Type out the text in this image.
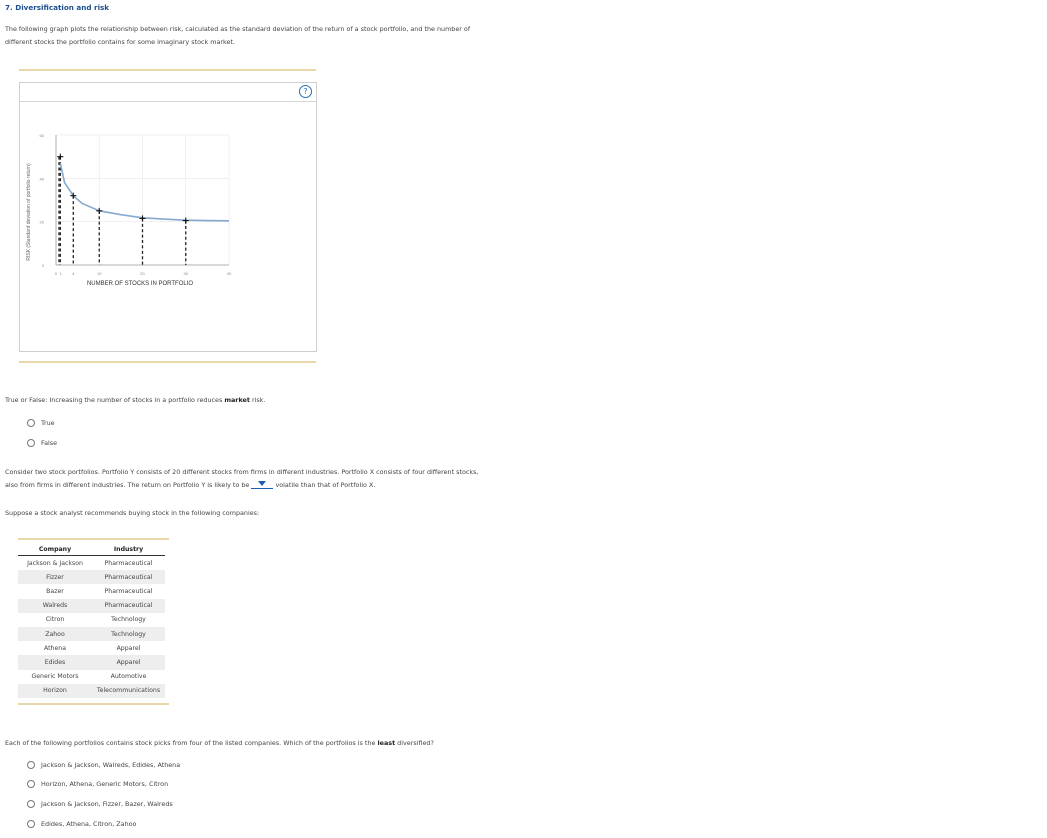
7. Diversification and risk
The following graph plots the relationship between risk, calculated as the standard deviation of the return of a stock portfolio, and the number of
different stocks the portfolio contains for some imaginary stock market.
?
0
20
40
60
0 1	4	10	20	30	40
NUMBER OF STOCKS IN PORTFOLIO
RISK (Standard deviation of portfolio return)
True or False: Increasing the number of stocks in a portfolio reduces market risk.
True
False
Consider two stock portfolios. Portfolio Y consists of 20 different stocks from firms in different industries. Portfolio X consists of four different stocks,
also from firms in different industries. The return on Portfolio Y is likely to be	volatile than that of Portfolio X.
Suppose a stock analyst recommends buying stock in the following companies:
Company	Industry
Jackson & Jackson	Pharmaceutical
Fizzer	Pharmaceutical
Bazer	Pharmaceutical
Walreds	Pharmaceutical
Citron	Technology
Zahoo	Technology
Athena	Apparel
Edides	Apparel
Generic Motors	Automotive
Horizon	Telecommunications
Each of the following portfolios contains stock picks from four of the listed companies. Which of the portfolios is the least diversified?
Jackson & Jackson, Walreds, Edides, Athena
Horizon, Athena, Generic Motors, Citron
Jackson & Jackson, Fizzer, Bazer, Walreds
Edides, Athena, Citron, Zahoo
